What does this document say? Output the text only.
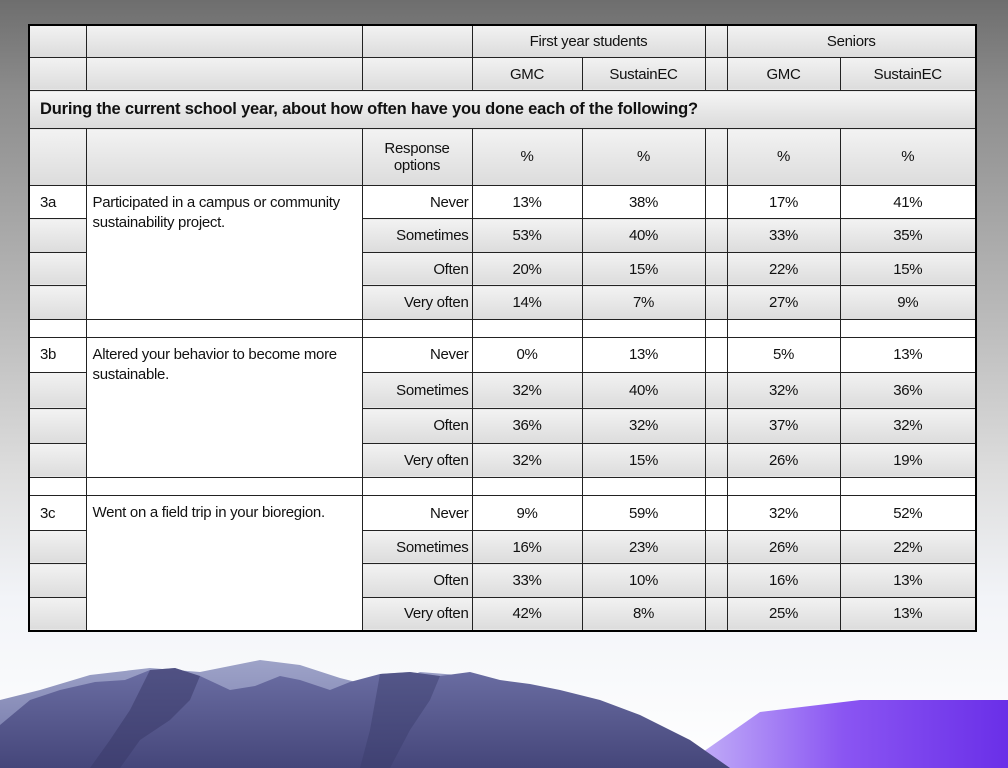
			First year students			Seniors	
			GMC	SustainEC		GMC	SustainEC
During the current school year, about how often have you done each of the following?							
		Response options	%	%		%	%
3a	Participated in a campus or community sustainability project.	Never	13%	38%		17%	41%
		Sometimes	53%	40%		33%	35%
		Often	20%	15%		22%	15%
		Very often	14%	7%		27%	9%

3b	Altered your behavior to become more sustainable.	Never	0%	13%		5%	13%
		Sometimes	32%	40%		32%	36%
		Often	36%	32%		37%	32%
		Very often	32%	15%		26%	19%

3c	Went on a field trip in your bioregion.	Never	9%	59%		32%	52%
		Sometimes	16%	23%		26%	22%
		Often	33%	10%		16%	13%
		Very often	42%	8%		25%	13%
